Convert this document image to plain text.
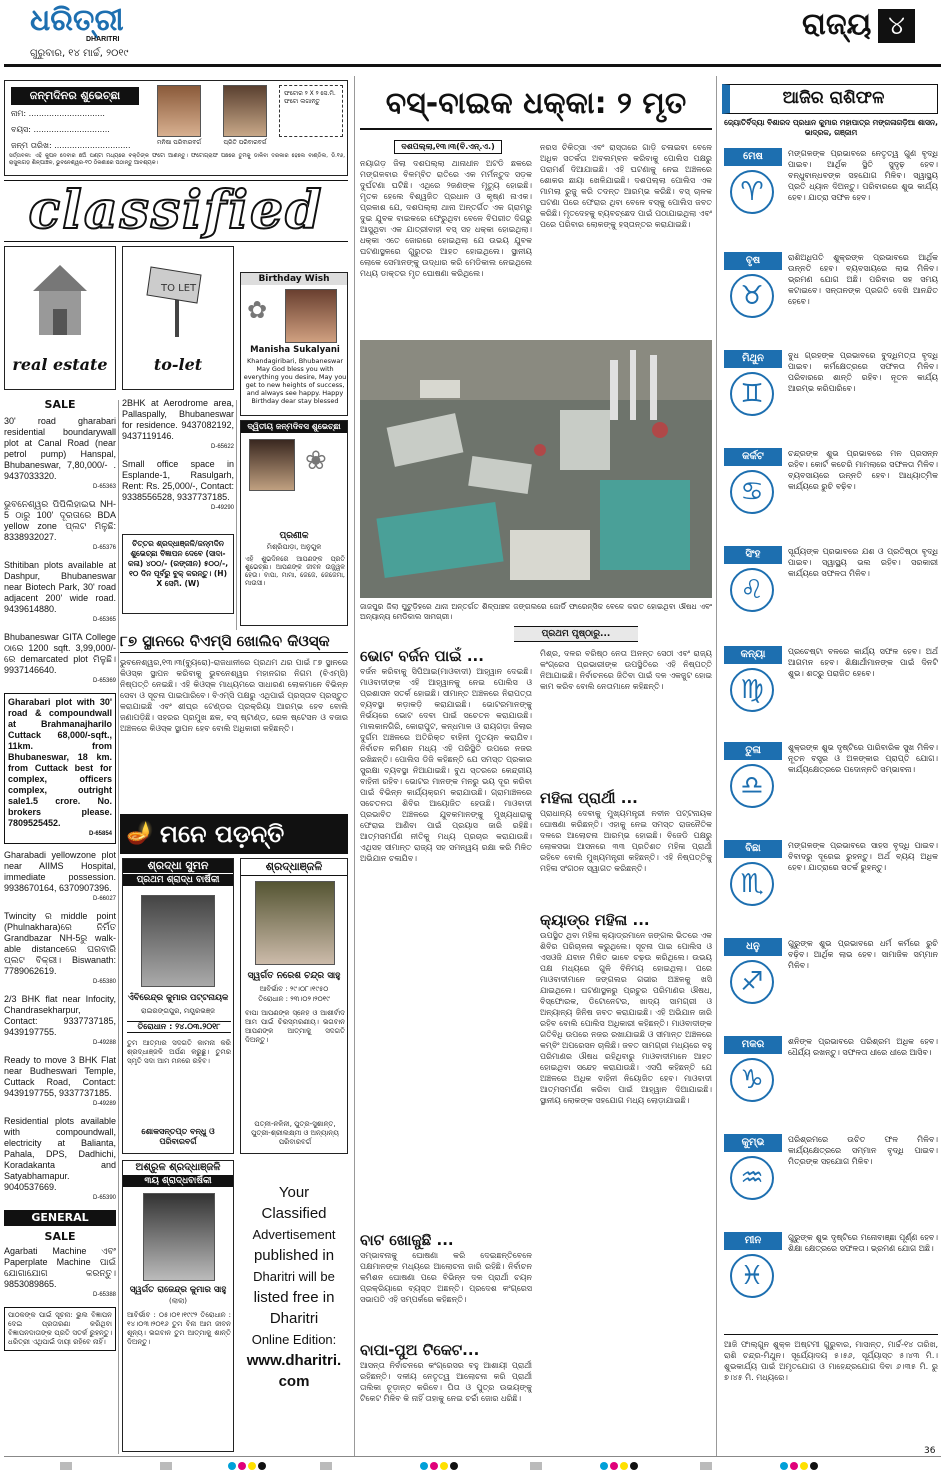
ଧରିତ୍ରୀ
DHARITRI
ଗୁରୁବାର, ୧୪ ମାର୍ଚ୍ଚ, ୨୦୧୯
ରାଜ୍ୟ ୪
ଜନ୍ମଦିନର ଶୁଭେଚ୍ଛା
ନାମ: ..............................
ବୟସ: ..............................
ଜନ୍ମ ତାରିଖ: ..............................	ମନିଷା ପରିବାରବର୍ଗ	ପ୍ରିତି ପରିବାରବର୍ଗ
ଫଟୋର ୨ X ୨ ସେ.ମି. ଫଟୋ ଲଗାନ୍ତୁ
ସର୍ତ୍ତାବଳୀ: ଏହି କୁପନ ଦେବାର ଛଅି ଘଣ୍ଟା ମଧ୍ୟରେ ବକ୍ତିଙ୍କ ଫଟୋ ଆଣନ୍ତୁ। ଫଟୋଗ୍ରାଫ ପଛରେ ତୁମକୁ ଡାକିବା ଦରକାର ହେଲେ ବାଣ୍ଡିଲ, ଡି.୧୬, ରାସୁଲଗଡ଼ ଶିଳ୍ପାଞ୍ଚଳ, ଭୁବନେଶ୍ୱର-୧୦ ଠିକଣାରେ ପଠାନ୍ତୁ ଆବଶ୍ୟକ।
classified
real estate
TO LET
to-let
Birthday Wish
✿
Manisha Sukalyani
Khandagiribari, Bhubaneswar May God bless you with everything you desire, May you get to new heights of success, and always see happy. Happy Birthday dear stay blessed
SALE
30' road gharabari residential boundarywall plot at Canal Road (near petrol pump) Hanspal, Bhubaneswar, 7,80,000/- . 9437033320.
D-65363
ଭୁବନେଶ୍ୱର ପିପିଲିହାଇଭ NH-5 ଠାରୁ 100' ଦୂରତାରେ BDA yellow zone ପ୍ଲଟ ମିଳୁଛି: 8338932027.
D-65376
Sthitiban plots available at Dashpur, Bhubaneswar near Biotech Park, 30' road adjacent 200' wide road. 9439614880.
D-65365
Bhubaneswar GITA College ଠାରେ 1200 sqft. 3,99,000/-ରେ demarcated plot ମିଳୁଛି। 9937146640.
D-65369
Gharabari plot with 30' road & compoundwall at Brahmanajharilo Cuttack 68,000/-sqft., 11km. from Bhubaneswar, 18 km. from Cuttack best for complex, officers complex, outright sale1.5 crore. No. brokers please. 7809525452.
D-65854
Gharabadi yellowzone plot near AIIMS Hospital, immediate possession. 9938670164, 6370907396.
D-66027
Twincity ର middle point (Phulnakhara)ରେ ନିର୍ମିତ Grandbazar NH-5ରୁ walk-able distanceରେ ଘରବାରି ପ୍ଲଟ ବିକ୍ରୀ। Biswanath: 7789062619.
D-65380
2/3 BHK flat near Infocity, Chandrasekharpur, Contact: 9337737185, 9439197755.
D-49288
Ready to move 3 BHK Flat near Budheswari Temple, Cuttack Road, Contact: 9439197755, 9337737185.
D-49289
Residential plots available with compoundwall, electricity at Balianta, Pahala, DPS, Dadhichi, Koradakanta and Satyabhamapur. 9040537669.
D-65390
GENERAL
SALE
Agarbati Machine ଏବଂ Paperplate Machine ପାଇଁ ଯୋଗାଯୋଗ କରନ୍ତୁ। 9853089865.
D-65388
ପାଠକଙ୍କ ପାଇଁ ସୂଚନା: ଭୁଲ ବିଜ୍ଞାପନ ଦେଇ ପ୍ରତାରଣା କରିଥିବା ବିଜ୍ଞାପନଦାତାଙ୍କ ପ୍ରତି ସତର୍କ ରୁହନ୍ତୁ। ଧରିତ୍ରୀ ଏଥିପାଇଁ ଦାୟୀ ରହିବେ ନାହିଁ।
2BHK at Aerodrome area, Pallaspally, Bhubaneswar for residence. 9437082192, 9437119146.
D-65622
Small office space in Esplande-1, Rasulgarh, Rent: Rs. 25,000/-, Contact: 9338556528, 9337737185.
D-49290
ଦ୍ୱିତୀୟ ଜନ୍ମଦିବସ ଶୁଭେଚ୍ଛା
❀
ପ୍ରଣୀକ
ମିଶ୍ରିପାଡ଼ା, ଅନୁଗୁଳ
ଏହି ଶୁଭଦିନରେ ଆପଣଙ୍କ ପ୍ରତି ଶୁଭେଚ୍ଛା। ଆପଣଙ୍କ ଜୀବନ ଉଜ୍ଜ୍ୱଳ ହେଉ। ବାପା, ମାମା, ଜେଜେ, ଜେଜେମା, ମାଉସୀ।
ଚିତ୍ତର ଶ୍ରଦ୍ଧାଞ୍ଜଳି/ଜନ୍ମଦିନ ଶୁଭେଚ୍ଛା ବିଜ୍ଞାପନ ଦେବେ (ସାଦା-କଳା) ୪୦୦/- (ରଙ୍ଗୀନ) ୫୦୦/-, ୧୦ ଦିନ ପୂର୍ବରୁ ବୁକ୍ କରନ୍ତୁ। (H) X ସେମି. (W)
୮୭ ସ୍ଥାନରେ ବିଏମ୍‌ସି ଖୋଲିବ କିଓସ୍କ
ଭୁବନେଶ୍ୱର,୧୩।୩(ବ୍ୟୁରୋ)-ରାଜଧାନୀରେ ପ୍ରଥମ ଥର ପାଇଁ ୮୭ ସ୍ଥାନରେ କିଓସ୍କ ସ୍ଥାପନ କରିବାକୁ ଭୁବନେଶ୍ୱର ମହାନଗର ନିଗମ (ବିଏମ୍‌ସି) ନିଷ୍ପତ୍ତି ନେଇଛି। ଏହି କିଓସ୍କ ମାଧ୍ୟମରେ ସାଧାରଣ ଲୋକମାନେ ବିଭିନ୍ନ ସେବା ଓ ସୂଚନା ପାଇପାରିବେ। ବିଏମ୍‌ସି ପକ୍ଷରୁ ଏଥିପାଇଁ ପ୍ରସ୍ତାବ ପ୍ରସ୍ତୁତ କରାଯାଇଛି ଏବଂ ଶୀଘ୍ର ଟେଣ୍ଡର ପ୍ରକ୍ରିୟା ଆରମ୍ଭ ହେବ ବୋଲି ଜଣାପଡ଼ିଛି। ସହରର ପ୍ରମୁଖ ଛକ, ବସ୍ ଷ୍ଟାଣ୍ଡ, ରେଳ ଷ୍ଟେସନ ଓ ବଜାର ଅଞ୍ଚଳରେ କିଓସ୍କ ସ୍ଥାପନ ହେବ ବୋଲି ଅଧିକାରୀ କହିଛନ୍ତି।
🪔 ମନେ ପଡ଼ନ୍ତି
ଶ୍ରଦ୍ଧା ସୁମନ
ପ୍ରଥମ ଶ୍ରାଦ୍ଧ ବାର୍ଷିକୀ
ଏଁବିରେନ୍ଦ୍ର କୁମାର ପଟ୍ଟନାୟକ
ରାଇରଙ୍ଗପୁର, ମୟୂରଭଞ୍ଜ
ତିରୋଧାନ : ୨୪.୦୩.୨୦୧୮
ତୁମ ଆତ୍ମାର ସଦଗତି କାମନା କରି ଶ୍ରଦ୍ଧାଞ୍ଜଳି ଅର୍ପଣ କରୁଛୁ। ତୁମର ସ୍ମୃତି ସଦା ଆମ ମନରେ ରହିବ।
ଶୋକସନ୍ତପ୍ତ ବନ୍ଧୁ ଓ ପରିବାରବର୍ଗ
ଶ୍ରଦ୍ଧାଞ୍ଜଳି
ସ୍ୱର୍ଗତ ନରେଶ ଚନ୍ଦ୍ର ସାହୁ
ଆବିର୍ଭାବ : ୨୯।୦୮।୧୯୫୦
ତିରୋଧାନ : ୨୩।୦୨।୨୦୧୯
ବାପା ଆପଣଙ୍କ ସ୍ନେହ ଓ ଆଶୀର୍ବାଦ ଆମ ପାଇଁ ଚିରସ୍ମରଣୀୟ। ଭଗବାନ ଆପଣଙ୍କ ଆତ୍ମାକୁ ସଦଗତି ଦିଅନ୍ତୁ।
ପତ୍ନୀ-ନଳିନୀ, ପୁତ୍ର-ସୁଶାନ୍ତ, ପୁତ୍ରୀ-ଶ୍ରୀଲକ୍ଷ୍ମୀ ଓ ଅନ୍ୟାନ୍ୟ ପରିବାରବର୍ଗ
ଅଶ୍ରୁଳ ଶ୍ରଦ୍ଧାଞ୍ଜଳି
୩ୟ ଶ୍ରାଦ୍ଧବାର୍ଷିକୀ
ସ୍ୱର୍ଗତ ରାଜେନ୍ଦ୍ର କୁମାର ସାହୁ
(ଲାଲା)
ଆବିର୍ଭାବ : ୦୫।୦୧।୧୯୯୨ ତିରୋଧାନ : ୧୪।୦୩।୨୦୧୬ ତୁମ ବିନା ଆମ ଜୀବନ ଶୂନ୍ୟ। ଭଗବାନ ତୁମ ଆତ୍ମାକୁ ଶାନ୍ତି ଦିଅନ୍ତୁ।
Your
Classified
Advertisement
published in
Dharitri will be
listed free in
Dharitri
Online Edition:
www.dharitri.
com
ବସ୍-ବାଇକ ଧକ୍କା: ୨ ମୃତ
ଦଶପଲ୍ଲା,୧୩।୩(ବି.ଏନ୍.ଏ.)
ନୟାଗଡ଼ ଜିଲା ଦଶପଲ୍ଲା ଥାନାଧୀନ ଅଟଡି ଛକରେ ମଙ୍ଗଳବାର ବିଳମ୍ବିତ ରାତିରେ ଏକ ମର୍ମନ୍ତୁଦ ସଡ଼କ ଦୁର୍ଘଟଣା ଘଟିଛି। ଏଥିରେ ୨ଜଣଙ୍କ ମୃତ୍ୟୁ ହୋଇଛି। ମୃତକ ହେଲେ ବିଶ୍ୱଜିତ ପ୍ରଧାନ ଓ କୃଷ୍ଣ ନାଏକ। ପ୍ରକାଶ ଯେ, ଦଶପଲ୍ଲା ଥାନା ଅନ୍ତର୍ଗତ ଏକ ଗ୍ରାମରୁ ଦୁଇ ଯୁବକ ବାଇକରେ ଫେରୁଥିବା ବେଳେ ବିପରୀତ ଦିଗରୁ ଆସୁଥିବା ଏକ ଯାତ୍ରୀବାହୀ ବସ୍ ସହ ଧକ୍କା ହୋଇଥିଲା। ଧକ୍କା ଏତେ ଜୋରରେ ହୋଇଥିଲା ଯେ ଉଭୟ ଯୁବକ ଘଟଣାସ୍ଥଳରେ ଗୁରୁତର ଆହତ ହୋଇଥିଲେ। ସ୍ଥାନୀୟ ଲୋକେ ସେମାନଙ୍କୁ ଉଦ୍ଧାର କରି ମେଡିକାଲ ନେଇଥିଲେ ମଧ୍ୟ ଡାକ୍ତର ମୃତ ଘୋଷଣା କରିଥିଲେ।
ନରସ ଚିକିତ୍ସା ଏବଂ ରାସ୍ତାରେ ଗାଡ଼ି ଚଳାଇବା ବେଳେ ଅଧିକ ସତର୍କତା ଅବଲମ୍ବନ କରିବାକୁ ପୋଲିସ ପକ୍ଷରୁ ପରାମର୍ଶ ଦିଆଯାଇଛି। ଏହି ଘଟଣାକୁ ନେଇ ଅଞ୍ଚଳରେ ଶୋକର ଛାୟା ଖେଳିଯାଇଛି। ଦଶପଲ୍ଲା ପୋଲିସ ଏକ ମାମଲା ରୁଜୁ କରି ତଦନ୍ତ ଆରମ୍ଭ କରିଛି। ବସ୍ ଚାଳକ ଘଟଣା ପରେ ଫେରାର ଥିବା ବେଳେ ବସ୍‌କୁ ପୋଲିସ ଜବତ କରିଛି। ମୃତଦେହକୁ ବ୍ୟବଚ୍ଛେଦ ପାଇଁ ପଠାଯାଇଥିଲା ଏବଂ ପରେ ପରିବାର ଲୋକଙ୍କୁ ହସ୍ତାନ୍ତର କରାଯାଇଛି।
ଜାଜପୁର ଜିଲା ପୁଟୁଡ଼ିହରେ ଥାନା ଅନ୍ତର୍ଗତ ଶିଳ୍ପାଞ୍ଚଳ ଜଙ୍ଗଲରେ ଜୋର୍ଡି ଫାରେନ୍ସିକ ବେଳେ କରତ ହୋଇଥିବା ଔଷଧ ଏବଂ ଅନ୍ୟାନ୍ୟ ମେଡିକାଲ ସାମଗ୍ରୀ।
ପ୍ରଥମ ପୃଷ୍ଠାରୁ...
ଭୋଟ ବର୍ଜନ ପାଇଁ ...
ବର୍ଜନ କରିବାକୁ ସିପିଆଇ(ମାଓବାଦୀ) ଆହ୍ୱାନ ଦେଇଛି। ମାଓବାଦୀଙ୍କ ଏହି ଆହ୍ୱାନକୁ ନେଇ ପୋଲିସ ଓ ପ୍ରଶାସନ ସତର୍କ ହୋଇଛି। ସୀମାନ୍ତ ଅଞ୍ଚଳରେ ନିରାପତ୍ତା ବ୍ୟବସ୍ଥା କଡ଼ାକଡ଼ି କରାଯାଇଛି। ଭୋଟରମାନଙ୍କୁ ନିର୍ଭୟରେ ଭୋଟ ଦେବା ପାଇଁ ସଚେତନ କରାଯାଉଛି। ମାଲକାନଗିରି, କୋରାପୁଟ, କନ୍ଧମାଳ ଓ ରାୟଗଡ଼ା ଜିଲାର ଦୁର୍ଗମ ଅଞ୍ଚଳରେ ଅତିରିକ୍ତ ବାହିନୀ ମୁତୟନ କରାଯିବ। ନିର୍ବାଚନ କମିଶନ ମଧ୍ୟ ଏହି ପରିସ୍ଥିତି ଉପରେ ନଜର ରଖିଛନ୍ତି। ପୋଲିସ ଡିଜି କହିଛନ୍ତି ଯେ ସମସ୍ତ ପ୍ରକାର ସୁରକ୍ଷା ବ୍ୟବସ୍ଥା ନିଆଯାଇଛି। ବୁଥ ସ୍ତରରେ କେନ୍ଦ୍ରୀୟ ବାହିନୀ ରହିବ। ଭୋଟର ମାନଙ୍କ ମନରୁ ଭୟ ଦୂର କରିବା ପାଇଁ ବିଭିନ୍ନ କାର୍ଯ୍ୟକ୍ରମ କରାଯାଉଛି। ଗ୍ରାମାଞ୍ଚଳରେ ସଚେତନତା ଶିବିର ଆୟୋଜିତ ହେଉଛି। ମାଓବାଦୀ ପ୍ରଭାବିତ ଅଞ୍ଚଳରେ ଯୁବକମାନଙ୍କୁ ମୁଖ୍ୟଧାରାକୁ ଫେରାଇ ଆଣିବା ପାଇଁ ପ୍ରୟାସ ଜାରି ରହିଛି। ଆତ୍ମସମର୍ପଣ ନୀତିକୁ ମଧ୍ୟ ପ୍ରଚାର କରାଯାଉଛି। ଏଥିସହ ସୀମାନ୍ତ ରାଜ୍ୟ ସହ ସମନ୍ୱୟ ରକ୍ଷା କରି ମିଳିତ ଅଭିଯାନ ଚଳାଯିବ।
ବାଟ ଖୋଜୁଛି ...
ସମ୍ଭାବନାକୁ ଘୋଷଣା କରି ଦେଇଛନ୍ତିବେଳେ ପକ୍ଷମାନଙ୍କ ମଧ୍ୟରେ ଆଲୋଚନା ଜାରି ରହିଛି। ନିର୍ବାଚନ କମିଶନ ଘୋଷଣା ପରେ ବିଭିନ୍ନ ଦଳ ପ୍ରାର୍ଥୀ ଚୟନ ପ୍ରକ୍ରିୟାରେ ବ୍ୟସ୍ତ ଅଛନ୍ତି। ପ୍ରଦେଶ କଂଗ୍ରେସ ସଭାପତି ଏହି ସମ୍ପର୍କରେ କହିଛନ୍ତି।
ବାପା-ପୁଅ ଟିକେଟ...
ଆସନ୍ତା ନିର୍ବାଚନରେ କଂଗ୍ରେସର ବହୁ ଆଶାୟୀ ପ୍ରାର୍ଥୀ ରହିଛନ୍ତି। ଦଳୀୟ ନେତୃତ୍ୱ ଆଲୋଚନା କରି ପ୍ରାର୍ଥୀ ତାଲିକା ଚୂଡ଼ାନ୍ତ କରିବେ। ପିତା ଓ ପୁତ୍ର ଉଭୟଙ୍କୁ ଟିକେଟ ମିଳିବ କି ନାହିଁ ତାହାକୁ ନେଇ ଚର୍ଚ୍ଚା ଜୋର ଧରିଛି।
ମିଶ୍ର, ଦଳର ବରିଷ୍ଠ ନେତା ଅନନ୍ତ ସେଠୀ ଏବଂ ରାଜ୍ୟ କଂଗ୍ରେସ ପ୍ରଭାରୀଙ୍କ ଉପସ୍ଥିତିରେ ଏହି ନିଷ୍ପତ୍ତି ନିଆଯାଇଛି। ନିର୍ବାଚନରେ ଜିତିବା ପାଇଁ ଦଳ ଏକଜୁଟ ହୋଇ କାମ କରିବ ବୋଲି ନେତାମାନେ କହିଛନ୍ତି।
ମହିଳା ପ୍ରାର୍ଥୀ ...
ପ୍ରାଧାନ୍ୟ ଦେବାକୁ ମୁଖ୍ୟମନ୍ତ୍ରୀ ନବୀନ ପଟ୍ଟନାୟକ ଘୋଷଣା କରିଛନ୍ତି। ଏହାକୁ ନେଇ ସମସ୍ତ ରାଜନୈତିକ ଦଳରେ ଆଲୋଚନା ଆରମ୍ଭ ହୋଇଛି। ବିଜେଡି ପକ୍ଷରୁ ଲୋକସଭା ଆସନରେ ୩୩ ପ୍ରତିଶତ ମହିଳା ପ୍ରାର୍ଥୀ ରହିବେ ବୋଲି ମୁଖ୍ୟମନ୍ତ୍ରୀ କହିଛନ୍ତି। ଏହି ନିଷ୍ପତ୍ତିକୁ ମହିଳା ସଂଗଠନ ସ୍ୱାଗତ କରିଛନ୍ତି।
କ୍ୟାଡ୍ର ମହିଳା ...
ଉପସ୍ଥିତ ଥିବା ମହିଳା କ୍ୟାଡ୍ରମାନେ ଜଙ୍ଗଲ ଭିତରେ ଏକ ଶିବିର ପରିଚାଳନା କରୁଥିଲେ। ସୂଚନା ପାଇ ପୋଲିସ ଓ ଏସଓଜି ଯବାନ ମିଳିତ ଭାବେ ଚଢ଼ଉ କରିଥିଲେ। ଉଭୟ ପକ୍ଷ ମଧ୍ୟରେ ଗୁଳି ବିନିମୟ ହୋଇଥିଲା। ପରେ ମାଓବାଦୀମାନେ ଜଙ୍ଗଲର ଗଭୀର ଅଞ୍ଚଳକୁ ଖସି ଯାଇଥିଲେ। ଘଟଣାସ୍ଥଳରୁ ପ୍ରଚୁର ପରିମାଣର ଔଷଧ, ବିସ୍ଫୋରକ, ଡିଟୋନେଟର, ଖାଦ୍ୟ ସାମଗ୍ରୀ ଓ ଅନ୍ୟାନ୍ୟ ଜିନିଷ ଜବତ କରାଯାଇଛି। ଏହି ଅଭିଯାନ ଜାରି ରହିବ ବୋଲି ପୋଲିସ ଅଧିକାରୀ କହିଛନ୍ତି। ମାଓବାଦୀଙ୍କ ଗତିବିଧି ଉପରେ ନଜର ରଖାଯାଇଛି ଓ ସୀମାନ୍ତ ଅଞ୍ଚଳରେ କମ୍ବିଂ ଅପରେସନ ଚାଲିଛି। ଜବତ ସାମଗ୍ରୀ ମଧ୍ୟରେ ବହୁ ପରିମାଣର ଔଷଧ ରହିଥିବାରୁ ମାଓବାଦୀମାନେ ଆହତ ହୋଇଥିବା ସନ୍ଦେହ କରାଯାଉଛି। ଏସପି କହିଛନ୍ତି ଯେ ଅଞ୍ଚଳରେ ଅଧିକ ବାହିନୀ ନିୟୋଜିତ ହେବ। ମାଓବାଦୀ ଆତ୍ମସମର୍ପଣ କରିବା ପାଇଁ ଆହ୍ୱାନ ଦିଆଯାଇଛି। ସ୍ଥାନୀୟ ଲୋକଙ୍କ ସହଯୋଗ ମଧ୍ୟ ଲୋଡ଼ାଯାଇଛି।
ଆଜିର ରାଶିଫଳ
ଜ୍ୟୋତିର୍ବିଦ୍ୟା ବିଶାରଦ ପ୍ରଧାନ କୁମାର ମହାପାତ୍ର ମଙ୍ଗଳାଗଡ଼ିଆ ଶାସନ, ଭାଦ୍ରକ, ଗଞ୍ଜାମ
ମେଷ
♈
ମଙ୍ଗଳଙ୍କ ପ୍ରଭାବରେ ନେତୃତ୍ୱ ଗୁଣ ବୃଦ୍ଧି ପାଇବ। ଆର୍ଥିକ ସ୍ଥିତି ସୁଦୃଢ଼ ହେବ। ବନ୍ଧୁବାନ୍ଧବଙ୍କ ସହଯୋଗ ମିଳିବ। ସ୍ୱାସ୍ଥ୍ୟ ପ୍ରତି ଧ୍ୟାନ ଦିଅନ୍ତୁ। ପରିବାରରେ ଶୁଭ କାର୍ଯ୍ୟ ହେବ। ଯାତ୍ରା ସଫଳ ହେବ।
ବୃଷ
♉
ରାଶିଅଧିପତି ଶୁକ୍ରଙ୍କ ପ୍ରଭାବରେ ଆର୍ଥିକ ଉନ୍ନତି ହେବ। ବ୍ୟବସାୟରେ ଲାଭ ମିଳିବ। ଭ୍ରମଣ ଯୋଗ ଅଛି। ପରିବାର ସହ ସମୟ କଟାଇବେ। ସନ୍ତାନଙ୍କ ପ୍ରଗତି ଦେଖି ଆନନ୍ଦିତ ହେବେ।
ମିଥୁନ
♊
ବୁଧ ଗ୍ରହଙ୍କ ପ୍ରଭାବରେ ବୁଦ୍ଧିମତ୍ତା ବୃଦ୍ଧି ପାଇବ। କର୍ମକ୍ଷେତ୍ରରେ ସଫଳତା ମିଳିବ। ପରିବାରରେ ଶାନ୍ତି ରହିବ। ନୂତନ କାର୍ଯ୍ୟ ଆରମ୍ଭ କରିପାରିବେ।
କର୍କଟ
♋
ଚନ୍ଦ୍ରଙ୍କ ଶୁଭ ପ୍ରଭାବରେ ମନ ପ୍ରସନ୍ନ ରହିବ। କୋର୍ଟ କଚେରି ମାମଲାରେ ସଫଳତା ମିଳିବ। ବ୍ୟବସାୟରେ ଉନ୍ନତି ହେବ। ଆଧ୍ୟାତ୍ମିକ କାର୍ଯ୍ୟରେ ରୁଚି ବଢ଼ିବ।
ସିଂହ
♌
ସୂର୍ଯ୍ୟଙ୍କ ପ୍ରଭାବରେ ଯଶ ଓ ପ୍ରତିଷ୍ଠା ବୃଦ୍ଧି ପାଇବ। ସ୍ୱାସ୍ଥ୍ୟ ଭଲ ରହିବ। ସରକାରୀ କାର୍ଯ୍ୟରେ ସଫଳତା ମିଳିବ।
କନ୍ୟା
♍
ପ୍ରଚେଷ୍ଟା ବଳରେ କାର୍ଯ୍ୟ ସଫଳ ହେବ। ଅର୍ଥ ଆଗମନ ହେବ। ଶିକ୍ଷାର୍ଥୀମାନଙ୍କ ପାଇଁ ଦିନଟି ଶୁଭ। ଶତ୍ରୁ ପରାଜିତ ହେବେ।
ତୁଳା
♎
ଶୁକ୍ରଙ୍କ ଶୁଭ ଦୃଷ୍ଟିରେ ପାରିବାରିକ ସୁଖ ମିଳିବ। ନୂତନ ବସ୍ତ୍ର ଓ ଅଳଙ୍କାର ପ୍ରାପ୍ତି ଯୋଗ। କାର୍ଯ୍ୟକ୍ଷେତ୍ରରେ ପଦୋନ୍ନତି ସମ୍ଭାବନା।
ବିଛା
♏
ମଙ୍ଗଳଙ୍କ ପ୍ରଭାବରେ ସାହସ ବୃଦ୍ଧି ପାଇବ। ବିବାଦରୁ ଦୂରେଇ ରୁହନ୍ତୁ। ଅର୍ଥ ବ୍ୟୟ ଅଧିକ ହେବ। ଯାତ୍ରାରେ ସତର୍କ ରୁହନ୍ତୁ।
ଧନୁ
♐
ଗୁରୁଙ୍କ ଶୁଭ ପ୍ରଭାବରେ ଧର୍ମ କର୍ମରେ ରୁଚି ବଢ଼ିବ। ଆର୍ଥିକ ଲାଭ ହେବ। ସାମାଜିକ ସମ୍ମାନ ମିଳିବ।
ମକର
♑
ଶନିଙ୍କ ପ୍ରଭାବରେ ପରିଶ୍ରମ ଅଧିକ ହେବ। ଧୈର୍ଯ୍ୟ ରଖନ୍ତୁ। ସଫଳତା ଧୀରେ ଧୀରେ ଆସିବ।
କୁମ୍ଭ
♒
ପରିଶ୍ରମରେ ଉଚିତ ଫଳ ମିଳିବ। କାର୍ଯ୍ୟକ୍ଷେତ୍ରରେ ସମ୍ମାନ ବୃଦ୍ଧି ପାଇବ। ମିତ୍ରଙ୍କ ସହଯୋଗ ମିଳିବ।
ମୀନ
♓
ଗୁରୁଙ୍କ ଶୁଭ ଦୃଷ୍ଟିରେ ମନୋବାଞ୍ଛା ପୂର୍ଣ୍ଣ ହେବ। ଶିକ୍ଷା କ୍ଷେତ୍ରରେ ସଫଳତା। ଭ୍ରମଣ ଯୋଗ ଅଛି।
ଆଜି ଫାଲ୍ଗୁନ ଶୁକ୍ଳ ଅଷ୍ଟମୀ ଗୁରୁବାର, ମାସାନ୍ତ, ମାର୍ଚ୍ଚ-୧୪ ତାରିଖ, ରାଶି ଚନ୍ଦ୍ର-ମିଥୁନ। ସୂର୍ଯ୍ୟୋଦୟ ୫।୫୬, ସୂର୍ଯ୍ୟାସ୍ତ ୫।୪୩ ମି.। ଶୁଭକାର୍ଯ୍ୟ ପାଇଁ ଅମୃତଯୋଗ ଓ ମାହେନ୍ଦ୍ରଯୋଗ ଦିବା ୬।୩୫ ମି. ରୁ ୭।୪୫ ମି. ମଧ୍ୟରେ।
36
